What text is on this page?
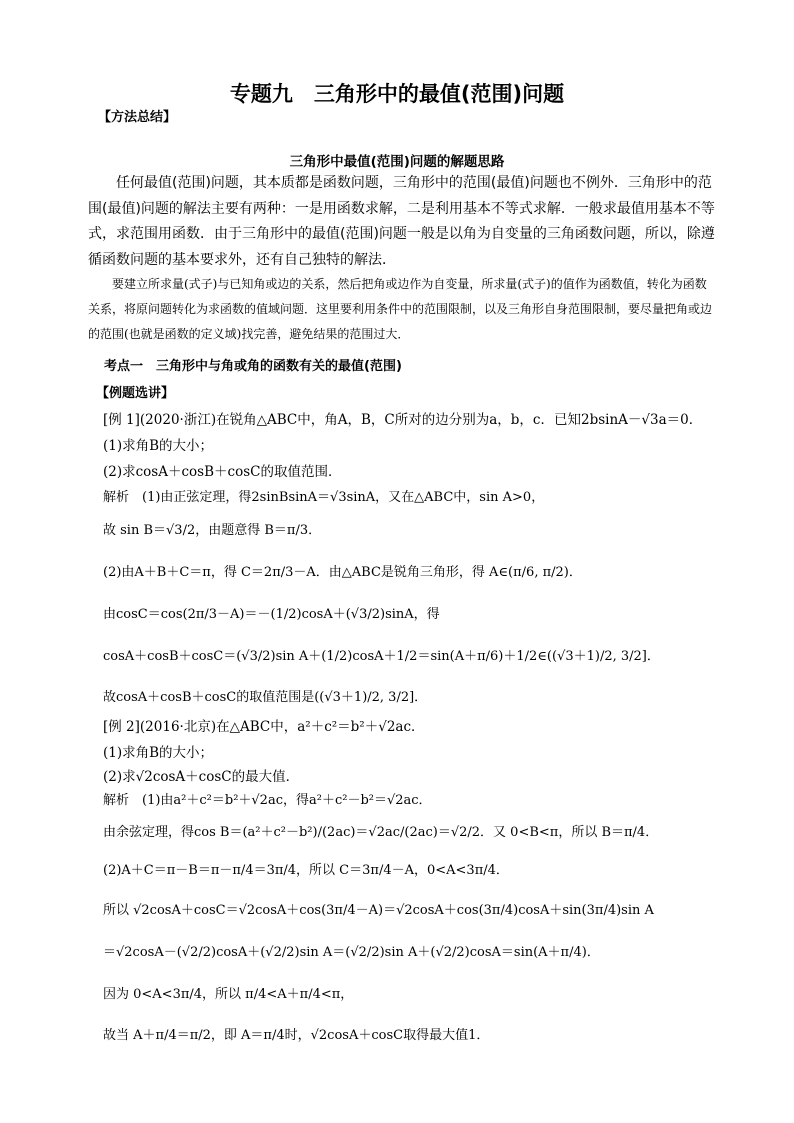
专题九　三角形中的最值(范围)问题
【方法总结】
三角形中最值(范围)问题的解题思路
任何最值(范围)问题，其本质都是函数问题，三角形中的范围(最值)问题也不例外．三角形中的范围(最值)问题的解法主要有两种：一是用函数求解，二是利用基本不等式求解．一般求最值用基本不等式，求范围用函数．由于三角形中的最值(范围)问题一般是以角为自变量的三角函数问题，所以，除遵循函数问题的基本要求外，还有自己独特的解法．
要建立所求量(式子)与已知角或边的关系，然后把角或边作为自变量，所求量(式子)的值作为函数值，转化为函数关系，将原问题转化为求函数的值域问题．这里要利用条件中的范围限制，以及三角形自身范围限制，要尽量把角或边的范围(也就是函数的定义域)找完善，避免结果的范围过大．
考点一　三角形中与角或角的函数有关的最值(范围)
【例题选讲】
[例 1](2020·浙江)在锐角△ABC中，角A，B，C所对的边分别为a，b，c．已知2bsinA－√3a＝0．
(1)求角B的大小；
(2)求cosA＋cosB＋cosC的取值范围．
解析　(1)由正弦定理，得2sinBsinA＝√3sinA，又在△ABC中，sin A>0，
故 sin B＝√3/2，由题意得 B＝π/3．
(2)由A＋B＋C＝π，得 C＝2π/3－A．由△ABC是锐角三角形，得 A∈(π/6, π/2)．
由cosC＝cos(2π/3－A)＝－(1/2)cosA＋(√3/2)sinA，得
cosA＋cosB＋cosC＝(√3/2)sin A＋(1/2)cosA＋1/2＝sin(A＋π/6)＋1/2∈((√3＋1)/2, 3/2]．
故cosA＋cosB＋cosC的取值范围是((√3＋1)/2, 3/2]．
[例 2](2016·北京)在△ABC中，a²＋c²＝b²＋√2ac．
(1)求角B的大小；
(2)求√2cosA＋cosC的最大值．
解析　(1)由a²＋c²＝b²＋√2ac，得a²＋c²－b²＝√2ac．
由余弦定理，得cos B＝(a²＋c²－b²)/(2ac)＝√2ac/(2ac)＝√2/2．又 0<B<π，所以 B＝π/4．
(2)A＋C＝π－B＝π－π/4＝3π/4，所以 C＝3π/4－A，0<A<3π/4．
所以 √2cosA＋cosC＝√2cosA＋cos(3π/4－A)＝√2cosA＋cos(3π/4)cosA＋sin(3π/4)sin A
＝√2cosA－(√2/2)cosA＋(√2/2)sin A＝(√2/2)sin A＋(√2/2)cosA＝sin(A＋π/4)．
因为 0<A<3π/4，所以 π/4<A＋π/4<π，
故当 A＋π/4＝π/2，即 A＝π/4时，√2cosA＋cosC取得最大值1．
